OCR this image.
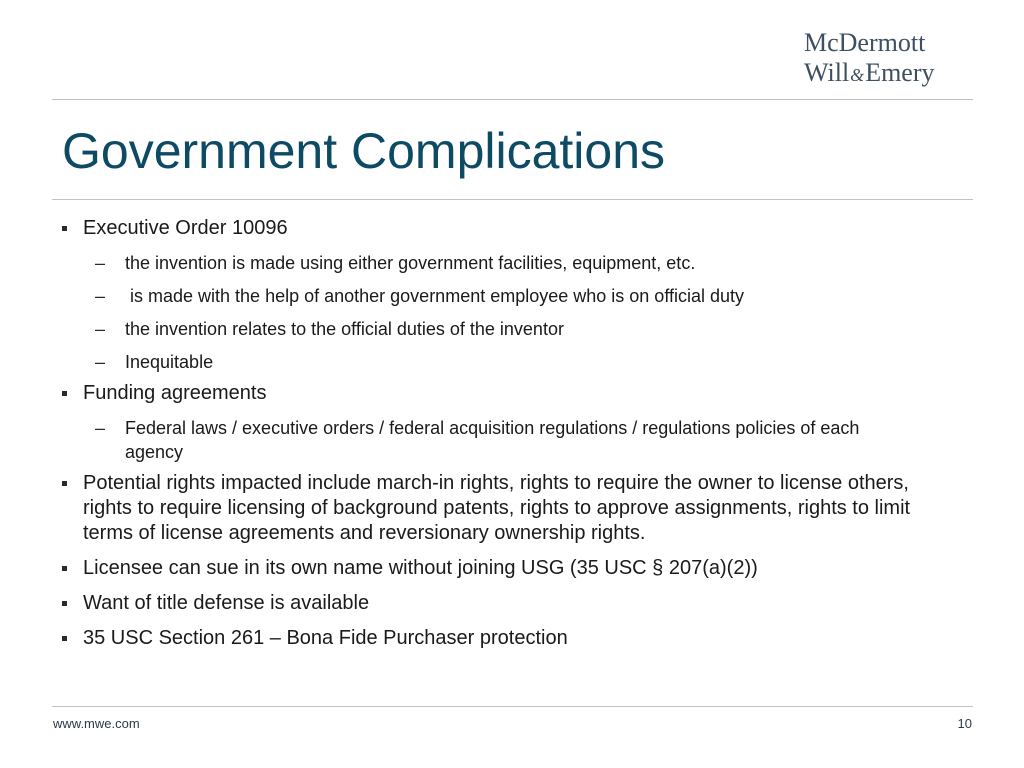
McDermott
Will&Emery
Government Complications
Executive Order 10096
– the invention is made using either government facilities, equipment, etc.
– is made with the help of another government employee who is on official duty
– the invention relates to the official duties of the inventor
– Inequitable
Funding agreements
– Federal laws / executive orders / federal acquisition regulations / regulations policies of each agency
Potential rights impacted include march-in rights, rights to require the owner to license others, rights to require licensing of background patents, rights to approve assignments, rights to limit terms of license agreements and reversionary ownership rights.
Licensee can sue in its own name without joining USG (35 USC § 207(a)(2))
Want of title defense is available
35 USC Section 261 – Bona Fide Purchaser protection
www.mwe.com	10
